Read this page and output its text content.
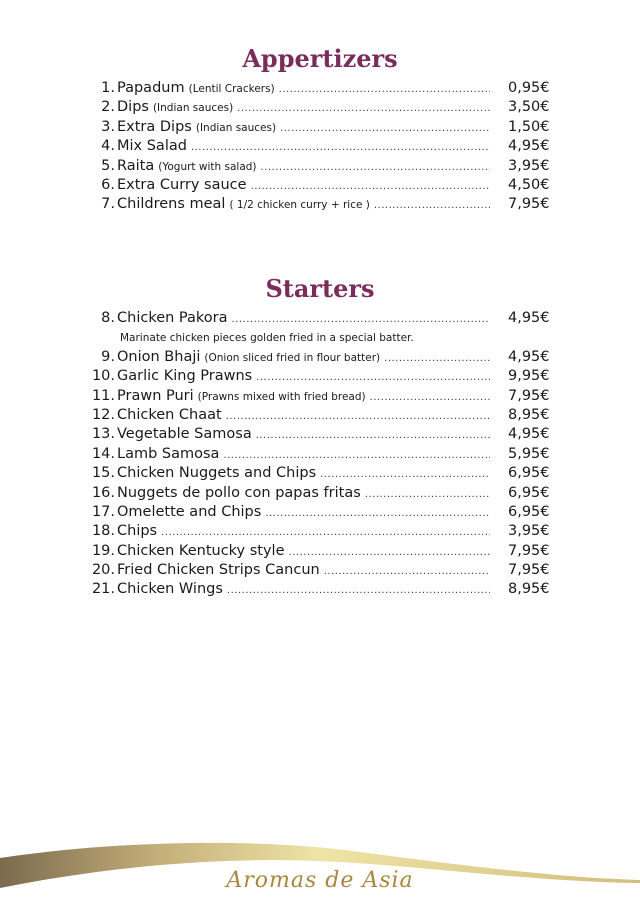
Appertizers
1. Papadum (Lentil Crackers) .....	0,95€
2. Dips (Indian sauces) .....	3,50€
3. Extra Dips (Indian sauces) .....	1,50€
4. Mix Salad .....	4,95€
5. Raita (Yogurt with salad) .....	3,95€
6. Extra Curry sauce .....	4,50€
7. Childrens meal ( 1/2 chicken curry + rice ) .....	7,95€
Starters
8. Chicken Pakora .....	4,95€
Marinate chicken pieces golden fried in a special batter.
9. Onion Bhaji (Onion sliced fried in flour batter) .....	4,95€
10. Garlic King Prawns .....	9,95€
11. Prawn Puri (Prawns mixed with fried bread) .....	7,95€
12. Chicken Chaat .....	8,95€
13. Vegetable Samosa .....	4,95€
14. Lamb Samosa .....	5,95€
15. Chicken Nuggets and Chips .....	6,95€
16. Nuggets de pollo con papas fritas .....	6,95€
17. Omelette and Chips .....	6,95€
18. Chips .....	3,95€
19. Chicken Kentucky style .....	7,95€
20. Fried Chicken Strips Cancun .....	7,95€
21. Chicken Wings .....	8,95€
Aromas de Asia
